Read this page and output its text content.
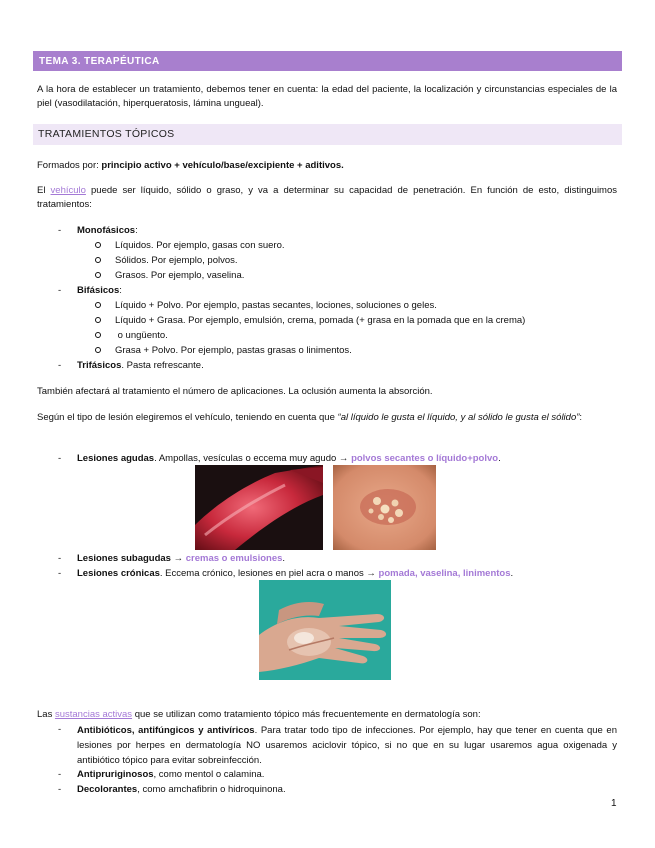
TEMA 3. TERAPÉUTICA

A la hora de establecer un tratamiento, debemos tener en cuenta: la edad del paciente, la localización y circunstancias especiales de la piel (vasodilatación, hiperqueratosis, lámina ungueal).

TRATAMIENTOS TÓPICOS

Formados por: principio activo + vehículo/base/excipiente + aditivos.

El vehículo puede ser líquido, sólido o graso, y va a determinar su capacidad de penetración. En función de esto, distinguimos tratamientos:

- Monofásicos:

Líquidos. Por ejemplo, gasas con suero.

Sólidos. Por ejemplo, polvos.

Grasos. Por ejemplo, vaselina.

- Bifásicos:

Líquido + Polvo. Por ejemplo, pastas secantes, lociones, soluciones o geles.

Líquido + Grasa. Por ejemplo, emulsión, crema, pomada (+ grasa en la pomada que en la crema)

o ungüento.

Grasa + Polvo. Por ejemplo, pastas grasas o linimentos.

- Trifásicos. Pasta refrescante.

También afectará al tratamiento el número de aplicaciones. La oclusión aumenta la absorción.

Según el tipo de lesión elegiremos el vehículo, teniendo en cuenta que “al líquido le gusta el líquido, y al sólido le gusta el sólido”:

- Lesiones agudas. Ampollas, vesículas o eccema muy agudo → polvos secantes o líquido+polvo.

- Lesiones subagudas → cremas o emulsiones.

- Lesiones crónicas. Eccema crónico, lesiones en piel acra o manos → pomada, vaselina, linimentos.

Las sustancias activas que se utilizan como tratamiento tópico más frecuentemente en dermatología son:

- Antibióticos, antifúngicos y antivíricos. Para tratar todo tipo de infecciones. Por ejemplo, hay que tener en cuenta que en lesiones por herpes en dermatología NO usaremos aciclovir tópico, si no que en su lugar usaremos agua oxigenada y antibiótico tópico para evitar sobreinfección.

- Antipruriginosos, como mentol o calamina.

- Decolorantes, como amchafibrin o hidroquinona.

1
